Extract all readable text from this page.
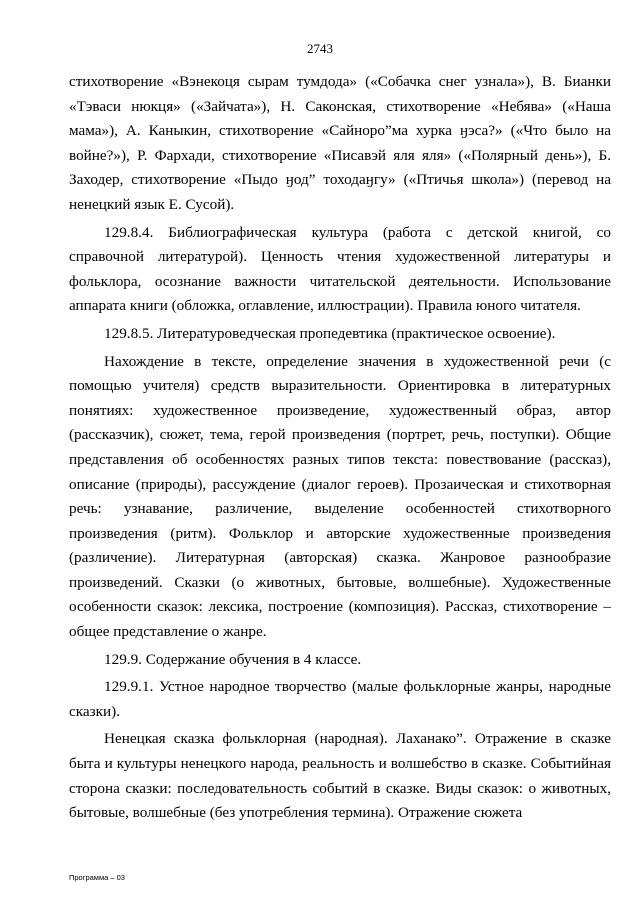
2743

стихотворение «Вэнекоця сырам тумдода» («Собачка снег узнала»), В. Бианки «Тэваси нюкця» («Зайчата»), Н. Саконская, стихотворение «Небява» («Наша мама»), А. Каныкин, стихотворение «Сайноро”ма хурка ӈэса?» («Что было на войне?»), Р. Фархади, стихотворение «Писавэй яля яля» («Полярный день»), Б. Заходер, стихотворение «Пыдо ӈод” тоходаӈгу» («Птичья школа») (перевод на ненецкий язык Е. Сусой).

129.8.4. Библиографическая культура (работа с детской книгой, со справочной литературой). Ценность чтения художественной литературы и фольклора, осознание важности читательской деятельности. Использование аппарата книги (обложка, оглавление, иллюстрации). Правила юного читателя.

129.8.5. Литературоведческая пропедевтика (практическое освоение).

Нахождение в тексте, определение значения в художественной речи (с помощью учителя) средств выразительности. Ориентировка в литературных понятиях: художественное произведение, художественный образ, автор (рассказчик), сюжет, тема, герой произведения (портрет, речь, поступки). Общие представления об особенностях разных типов текста: повествование (рассказ), описание (природы), рассуждение (диалог героев). Прозаическая и стихотворная речь: узнавание, различение, выделение особенностей стихотворного произведения (ритм). Фольклор и авторские художественные произведения (различение). Литературная (авторская) сказка. Жанровое разнообразие произведений. Сказки (о животных, бытовые, волшебные). Художественные особенности сказок: лексика, построение (композиция). Рассказ, стихотворение – общее представление о жанре.

129.9. Содержание обучения в 4 классе.

129.9.1. Устное народное творчество (малые фольклорные жанры, народные сказки).

Ненецкая сказка фольклорная (народная). Лаханако”. Отражение в сказке быта и культуры ненецкого народа, реальность и волшебство в сказке. Событийная сторона сказки: последовательность событий в сказке. Виды сказок: о животных, бытовые, волшебные (без употребления термина). Отражение сюжета

Программа – 03
